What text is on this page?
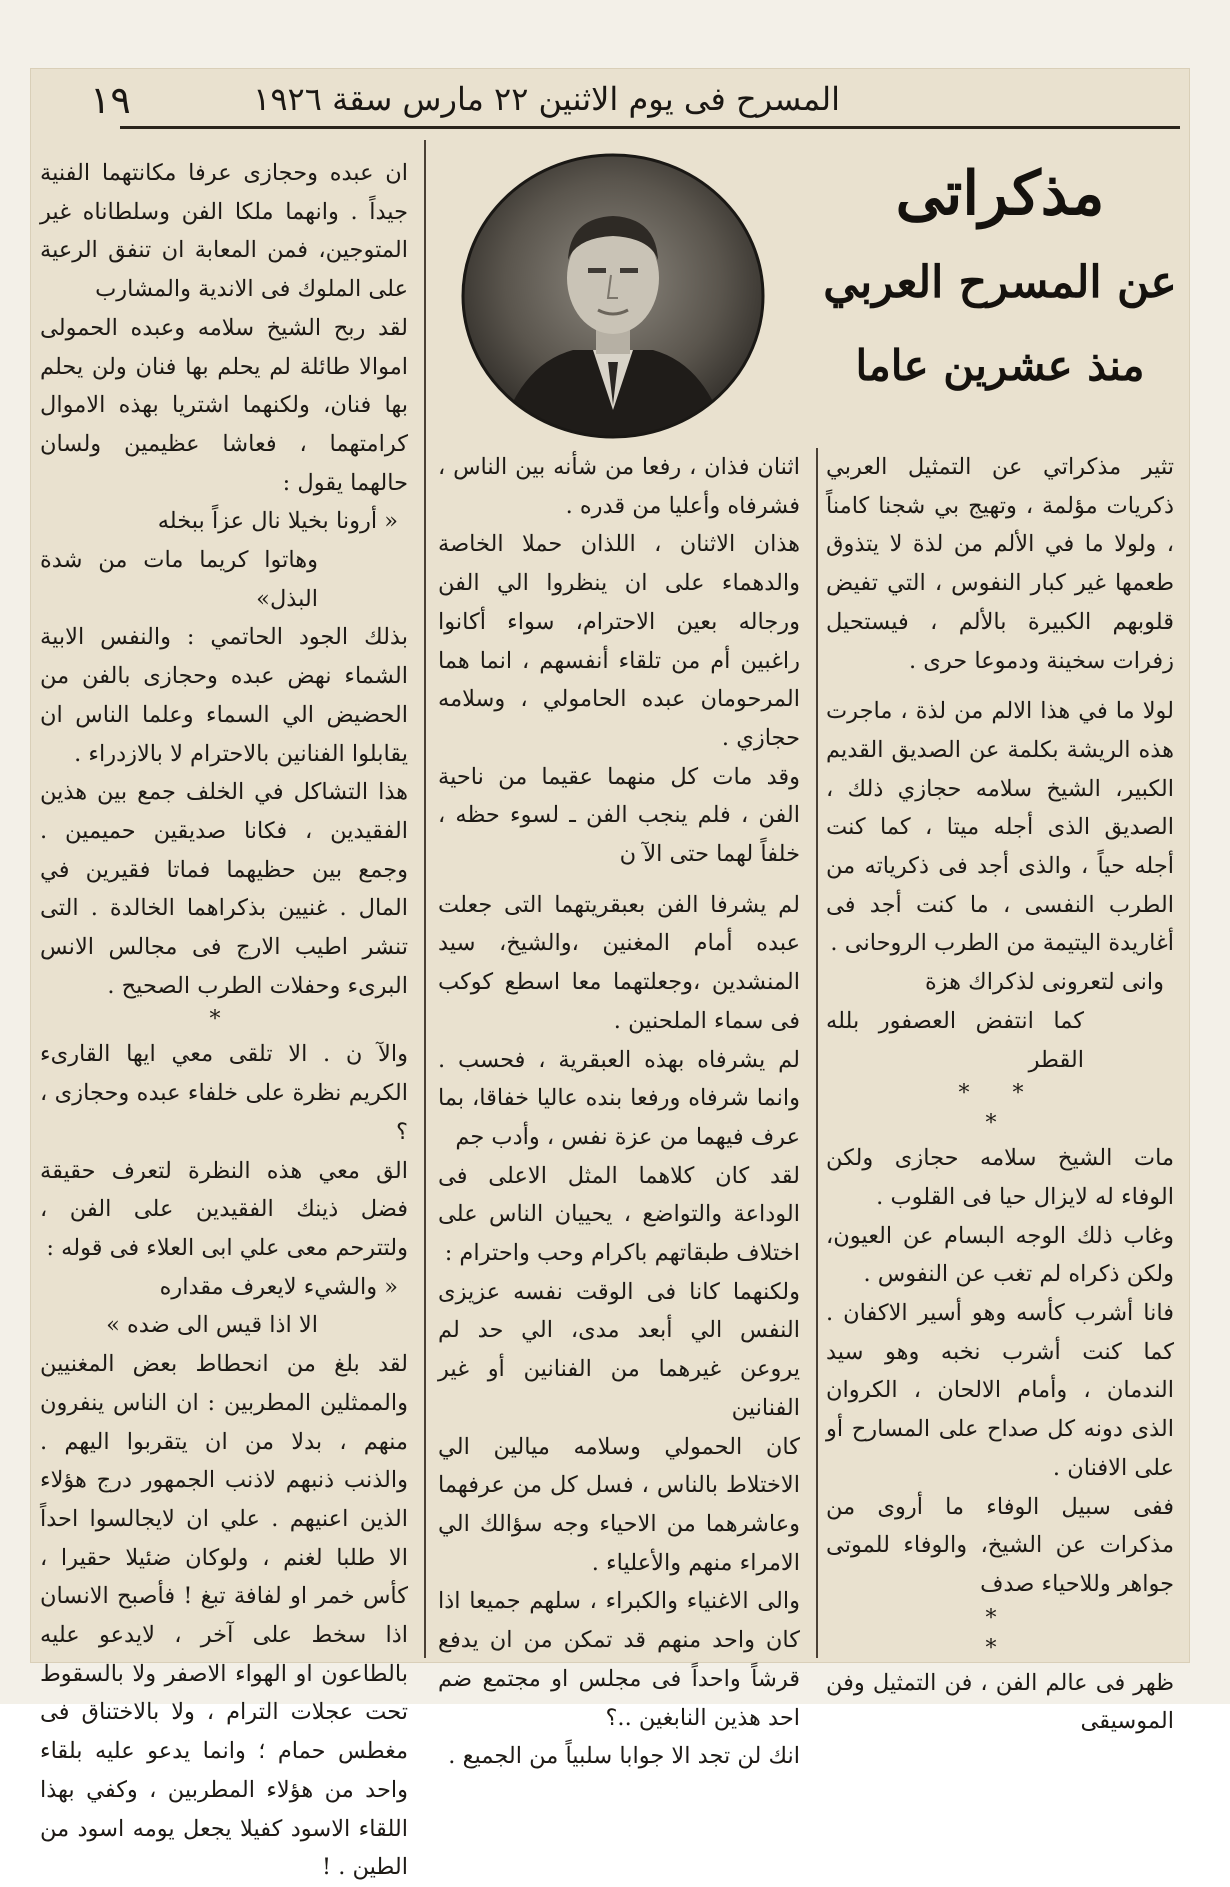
المسرح فى يوم الاثنين ٢٢ مارس سقة ١٩٢٦
١٩
مذكراتى
عن المسرح العربي
منذ عشرين عاما

تثير مذكراتي عن التمثيل العربي ذكريات مؤلمة ، وتهيج بي شجنا كامناً ، ولولا ما في الألم من لذة لا يتذوق طعمها غير كبار النفوس ، التي تفيض قلوبهم الكبيرة بالألم ، فيستحيل زفرات سخينة ودموعا حرى .

لولا ما في هذا الالم من لذة ، ماجرت هذه الريشة بكلمة عن الصديق القديم الكبير، الشيخ سلامه حجازي ذلك ، الصديق الذى أجله ميتا ، كما كنت أجله حياً ، والذى أجد فى ذكرياته من الطرب النفسى ، ما كنت أجد فى أغاريدة اليتيمة من الطرب الروحانى .

وانى لتعرونى لذكراك هزة

كما انتفض العصفور بلله القطر

* *
*

مات الشيخ سلامه حجازى ولكن الوفاء له لايزال حيا فى القلوب .

وغاب ذلك الوجه البسام عن العيون، ولكن ذكراه لم تغب عن النفوس .

فانا أشرب كأسه وهو أسير الاكفان . كما كنت أشرب نخبه وهو سيد الندمان ، وأمام الالحان ، الكروان الذى دونه كل صداح على المسارح أو على الافنان .

ففى سبيل الوفاء ما أروى من مذكرات عن الشيخ، والوفاء للموتى جواهر وللاحياء صدف

*
*

ظهر فى عالم الفن ، فن التمثيل وفن الموسيقى

اثنان فذان ، رفعا من شأنه بين الناس ، فشرفاه وأعليا من قدره .

هذان الاثنان ، اللذان حملا الخاصة والدهماء على ان ينظروا الي الفن ورجاله بعين الاحترام، سواء أكانوا راغبين أم من تلقاء أنفسهم ، انما هما المرحومان عبده الحامولي ، وسلامه حجازي .

وقد مات كل منهما عقيما من ناحية الفن ، فلم ينجب الفن ـ لسوء حظه ، خلفاً لهما حتى الآ ن

لم يشرفا الفن بعبقريتهما التى جعلت عبده أمام المغنين ،والشيخ، سيد المنشدين ،وجعلتهما معا اسطع كوكب فى سماء الملحنين .

لم يشرفاه بهذه العبقرية ، فحسب . وانما شرفاه ورفعا بنده عاليا خفاقا، بما عرف فيهما من عزة نفس ، وأدب جم

لقد كان كلاهما المثل الاعلى فى الوداعة والتواضع ، يحييان الناس على اختلاف طبقاتهم باكرام وحب واحترام :

ولكنهما كانا فى الوقت نفسه عزيزى النفس الي أبعد مدى، الي حد لم يروعن غيرهما من الفنانين أو غير الفنانين

كان الحمولي وسلامه ميالين الي الاختلاط بالناس ، فسل كل من عرفهما وعاشرهما من الاحياء وجه سؤالك الي الامراء منهم والأعلياء .

والى الاغنياء والكبراء ، سلهم جميعا اذا كان واحد منهم قد تمكن من ان يدفع قرشاً واحداً فى مجلس او مجتمع ضم احد هذين النابغين ..؟

انك لن تجد الا جوابا سلبياً من الجميع .

ان عبده وحجازى عرفا مكانتهما الفنية جيداً . وانهما ملكا الفن وسلطاناه غير المتوجين، فمن المعابة ان تنفق الرعية على الملوك فى الاندية والمشارب

لقد ربح الشيخ سلامه وعبده الحمولى اموالا طائلة لم يحلم بها فنان ولن يحلم بها فنان، ولكنهما اشتريا بهذه الاموال كرامتهما ، فعاشا عظيمين ولسان حالهما يقول :

« أرونا بخيلا نال عزاً ببخله

وهاتوا كريما مات من شدة البذل»

بذلك الجود الحاتمي : والنفس الابية الشماء نهض عبده وحجازى بالفن من الحضيض الي السماء وعلما الناس ان يقابلوا الفنانين بالاحترام لا بالازدراء .

هذا التشاكل في الخلف جمع بين هذين الفقيدين ، فكانا صديقين حميمين . وجمع بين حظيهما فماتا فقيرين في المال . غنيين بذكراهما الخالدة . التى تنشر اطيب الارج فى مجالس الانس البرىء وحفلات الطرب الصحيح .

*

والآ ن . الا تلقى معي ايها القارىء الكريم نظرة على خلفاء عبده وحجازى ، ؟

الق معي هذه النظرة لتعرف حقيقة فضل ذينك الفقيدين على الفن ، ولتترحم معى علي ابى العلاء فى قوله :

« والشيء لايعرف مقداره

الا اذا قيس الى ضده »

لقد بلغ من انحطاط بعض المغنيين والممثلين المطربين : ان الناس ينفرون منهم ، بدلا من ان يتقربوا اليهم . والذنب ذنبهم لاذنب الجمهور درج هؤلاء الذين اعنيهم . علي ان لايجالسوا احداً الا طلبا لغنم ، ولوكان ضئيلا حقيرا ، كأس خمر او لفافة تبغ ! فأصبح الانسان اذا سخط على آخر ، لايدعو عليه بالطاعون او الهواء الاصفر ولا بالسقوط تحت عجلات الترام ، ولا بالاختناق فى مغطس حمام ؛ وانما يدعو عليه بلقاء واحد من هؤلاء المطربين ، وكفي بهذا اللقاء الاسود كفيلا يجعل يومه اسود من الطين . !
